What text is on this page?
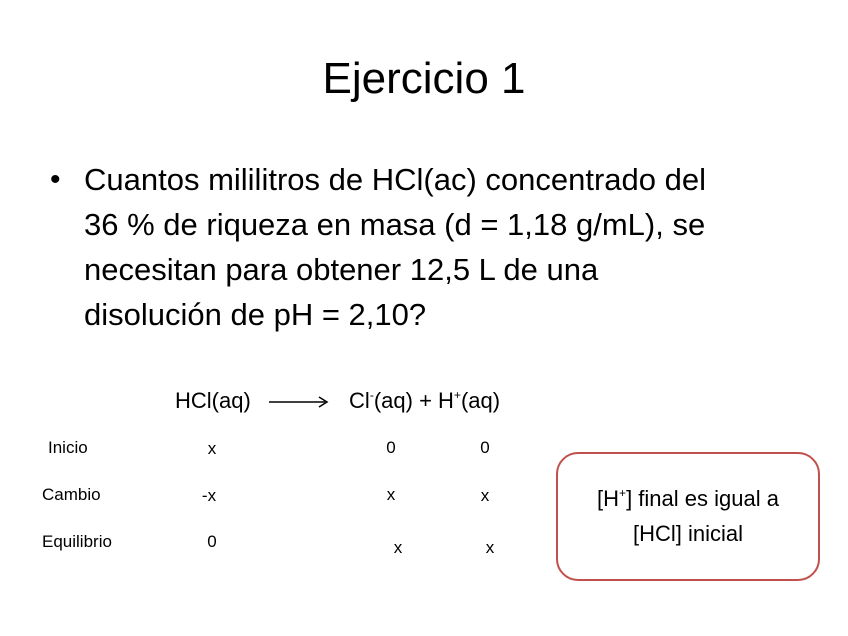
Ejercicio 1
• Cuantos mililitros de HCl(ac) concentrado del
36 % de riqueza en masa (d = 1,18 g/mL), se
necesitan para obtener 12,5 L de una
disolución de pH = 2,10?
HCl(aq) → Cl-(aq) + H+(aq)
Inicio	x	0	0
Cambio	-x	x	x
Equilibrio	0	x	x
[H+] final es igual a
[HCl] inicial
